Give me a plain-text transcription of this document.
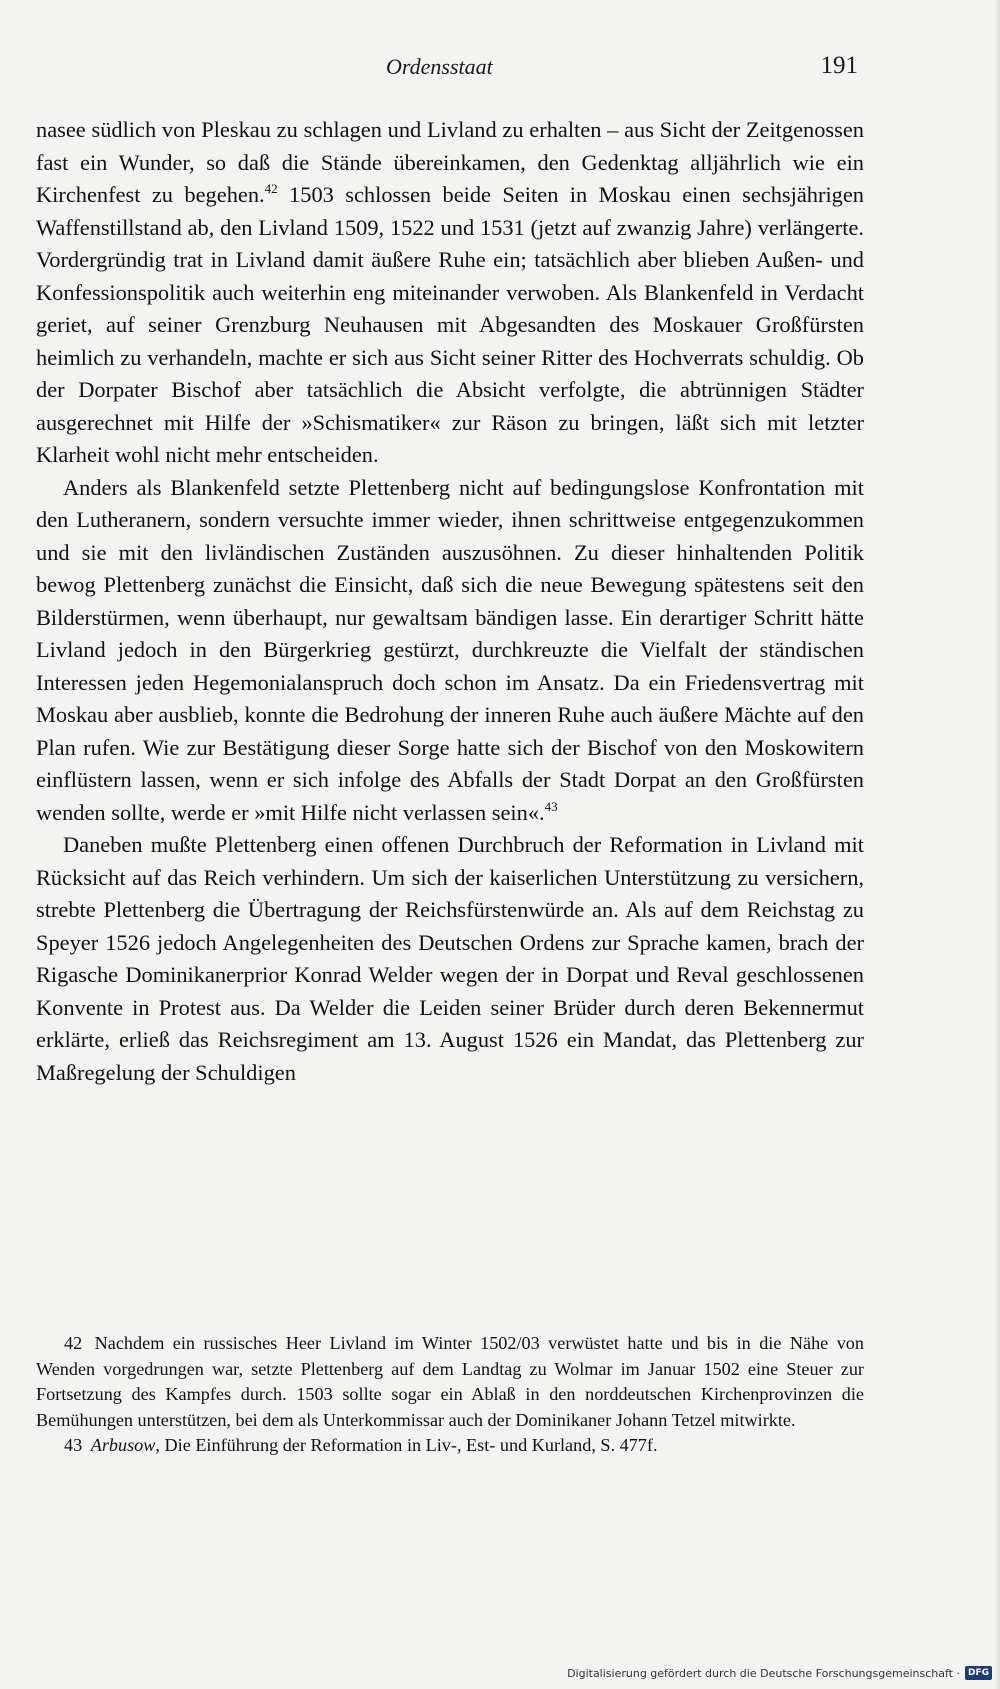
Ordensstaat	191

nasee südlich von Pleskau zu schlagen und Livland zu erhalten – aus Sicht der Zeitgenossen fast ein Wunder, so daß die Stände übereinkamen, den Gedenktag alljährlich wie ein Kirchenfest zu begehen.$^{42}$ 1503 schlossen beide Seiten in Moskau einen sechsjährigen Waffenstillstand ab, den Livland 1509, 1522 und 1531 (jetzt auf zwanzig Jahre) verlängerte. Vordergründig trat in Livland damit äußere Ruhe ein; tatsächlich aber blieben Außen- und Konfessionspolitik auch weiterhin eng miteinander verwoben. Als Blankenfeld in Verdacht geriet, auf seiner Grenzburg Neuhausen mit Abgesandten des Moskauer Großfürsten heimlich zu verhandeln, machte er sich aus Sicht seiner Ritter des Hochverrats schuldig. Ob der Dorpater Bischof aber tatsächlich die Absicht verfolgte, die abtrünnigen Städter ausgerechnet mit Hilfe der »Schismatiker« zur Räson zu bringen, läßt sich mit letzter Klarheit wohl nicht mehr entscheiden.

Anders als Blankenfeld setzte Plettenberg nicht auf bedingungslose Konfrontation mit den Lutheranern, sondern versuchte immer wieder, ihnen schrittweise entgegenzukommen und sie mit den livländischen Zuständen auszusöhnen. Zu dieser hinhaltenden Politik bewog Plettenberg zunächst die Einsicht, daß sich die neue Bewegung spätestens seit den Bilderstürmen, wenn überhaupt, nur gewaltsam bändigen lasse. Ein derartiger Schritt hätte Livland jedoch in den Bürgerkrieg gestürzt, durchkreuzte die Vielfalt der ständischen Interessen jeden Hegemonialanspruch doch schon im Ansatz. Da ein Friedensvertrag mit Moskau aber ausblieb, konnte die Bedrohung der inneren Ruhe auch äußere Mächte auf den Plan rufen. Wie zur Bestätigung dieser Sorge hatte sich der Bischof von den Moskowitern einflüstern lassen, wenn er sich infolge des Abfalls der Stadt Dorpat an den Großfürsten wenden sollte, werde er »mit Hilfe nicht verlassen sein«.$^{43}$

Daneben mußte Plettenberg einen offenen Durchbruch der Reformation in Livland mit Rücksicht auf das Reich verhindern. Um sich der kaiserlichen Unterstützung zu versichern, strebte Plettenberg die Übertragung der Reichsfürstenwürde an. Als auf dem Reichstag zu Speyer 1526 jedoch Angelegenheiten des Deutschen Ordens zur Sprache kamen, brach der Rigasche Dominikanerprior Konrad Welder wegen der in Dorpat und Reval geschlossenen Konvente in Protest aus. Da Welder die Leiden seiner Brüder durch deren Bekennermut erklärte, erließ das Reichsregiment am 13. August 1526 ein Mandat, das Plettenberg zur Maßregelung der Schuldigen

42 Nachdem ein russisches Heer Livland im Winter 1502/03 verwüstet hatte und bis in die Nähe von Wenden vorgedrungen war, setzte Plettenberg auf dem Landtag zu Wolmar im Januar 1502 eine Steuer zur Fortsetzung des Kampfes durch. 1503 sollte sogar ein Ablaß in den norddeutschen Kirchenprovinzen die Bemühungen unterstützen, bei dem als Unterkommissar auch der Dominikaner Johann Tetzel mitwirkte.

43 Arbusow, Die Einführung der Reformation in Liv-, Est- und Kurland, S. 477f.

Digitalisierung gefördert durch die Deutsche Forschungsgemeinschaft · DFG
